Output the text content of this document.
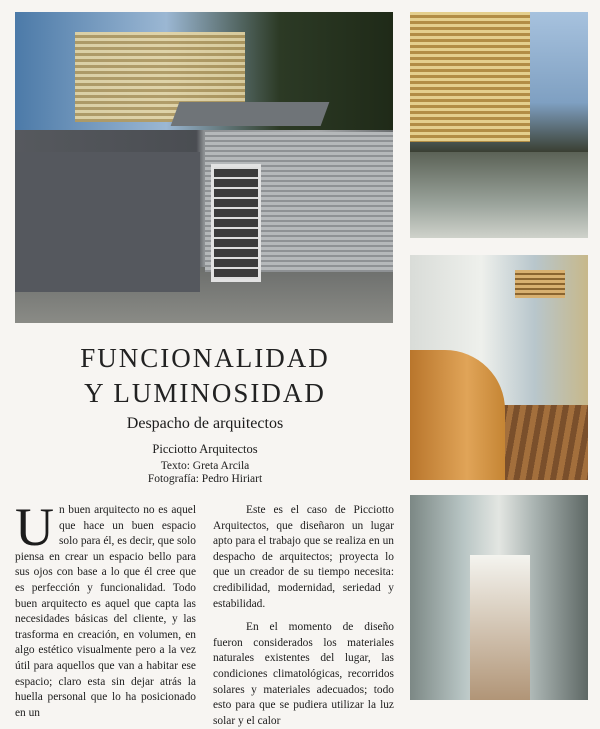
FUNCIONALIDAD
Y LUMINOSIDAD
Despacho de arquitectos
Picciotto Arquitectos
Texto: Greta Arcila
Fotografía: Pedro Hiriart

Un buen arquitecto no es aquel que hace un buen espacio solo para él, es decir, que solo piensa en crear un espacio bello para sus ojos con base a lo que él cree que es perfección y funcionalidad. Todo buen arquitecto es aquel que capta las necesidades básicas del cliente, y las trasforma en creación, en volumen, en algo estético visualmente pero a la vez útil para aquellos que van a habitar ese espacio; claro esta sin dejar atrás la huella personal que lo ha posicionado en un

Este es el caso de Picciotto Arquitectos, que diseñaron un lugar apto para el trabajo que se realiza en un despacho de arquitectos; proyecta lo que un creador de su tiempo necesita: credibilidad, modernidad, seriedad y estabilidad.

En el momento de diseño fueron considerados los materiales naturales existentes del lugar, las condiciones climatológicas, recorridos solares y materiales adecuados; todo esto para que se pudiera utilizar la luz solar y el calor
